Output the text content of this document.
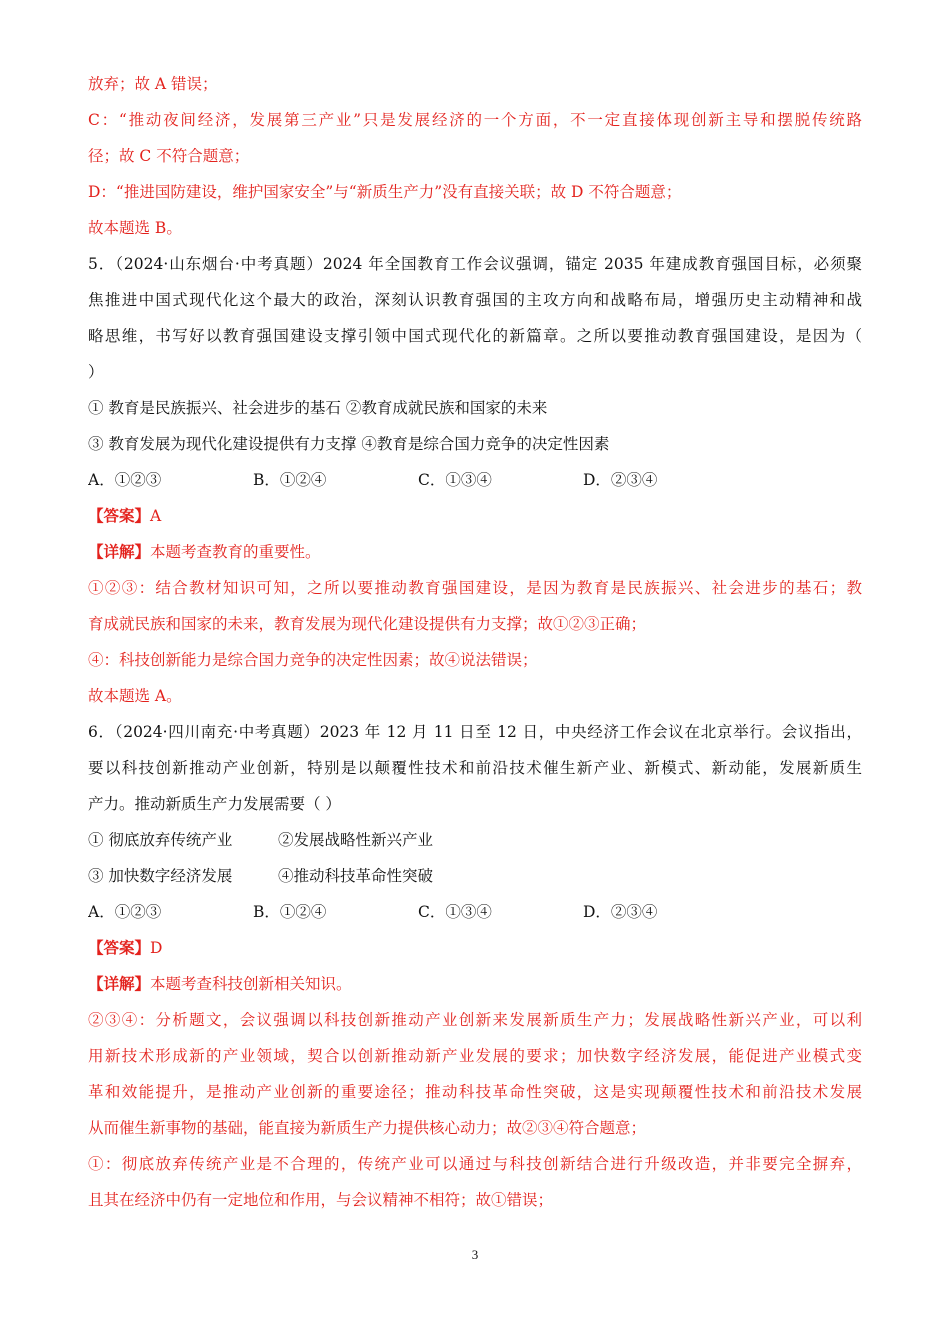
放弃；故 A 错误；
C：“推动夜间经济，发展第三产业”只是发展经济的一个方面，不一定直接体现创新主导和摆脱传统路
径；故 C 不符合题意；
D：“推进国防建设，维护国家安全”与“新质生产力”没有直接关联；故 D 不符合题意；
故本题选 B。
5．（2024·山东烟台·中考真题）2024 年全国教育工作会议强调，锚定 2035 年建成教育强国目标，必须聚
焦推进中国式现代化这个最大的政治，深刻认识教育强国的主攻方向和战略布局，增强历史主动精神和战
略思维，书写好以教育强国建设支撑引领中国式现代化的新篇章。之所以要推动教育强国建设，是因为（
）
① 教育是民族振兴、社会进步的基石 ②教育成就民族和国家的未来
③ 教育发展为现代化建设提供有力支撑 ④教育是综合国力竞争的决定性因素
A．①②③	B．①②④	C．①③④	D．②③④
【答案】A
【详解】本题考查教育的重要性。
①②③：结合教材知识可知，之所以要推动教育强国建设，是因为教育是民族振兴、社会进步的基石；教
育成就民族和国家的未来，教育发展为现代化建设提供有力支撑；故①②③正确；
④：科技创新能力是综合国力竞争的决定性因素；故④说法错误；
故本题选 A。
6．（2024·四川南充·中考真题）2023 年 12 月 11 日至 12 日，中央经济工作会议在北京举行。会议指出，
要以科技创新推动产业创新，特别是以颠覆性技术和前沿技术催生新产业、新模式、新动能，发展新质生
产力。推动新质生产力发展需要（ ）
① 彻底放弃传统产业	②发展战略性新兴产业
③ 加快数字经济发展	④推动科技革命性突破
A．①②③	B．①②④	C．①③④	D．②③④
【答案】D
【详解】本题考查科技创新相关知识。
②③④：分析题文，会议强调以科技创新推动产业创新来发展新质生产力；发展战略性新兴产业，可以利
用新技术形成新的产业领域，契合以创新推动新产业发展的要求；加快数字经济发展，能促进产业模式变
革和效能提升，是推动产业创新的重要途径；推动科技革命性突破，这是实现颠覆性技术和前沿技术发展
从而催生新事物的基础，能直接为新质生产力提供核心动力；故②③④符合题意；
①：彻底放弃传统产业是不合理的，传统产业可以通过与科技创新结合进行升级改造，并非要完全摒弃，
且其在经济中仍有一定地位和作用，与会议精神不相符；故①错误；
3
